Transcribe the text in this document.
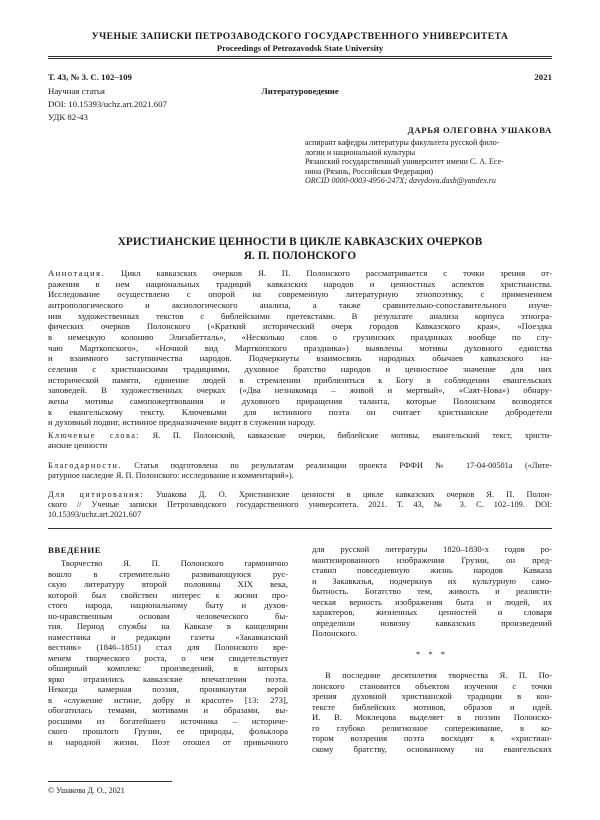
УЧЕНЫЕ ЗАПИСКИ ПЕТРОЗАВОДСКОГО ГОСУДАРСТВЕННОГО УНИВЕРСИТЕТА
Proceedings of Petrozavodsk State University
Т. 43, № 3. С. 102–109	2021
Научная статья	Литературоведение
DOI: 10.15393/uchz.art.2021.607
УДК 82-43
ДАРЬЯ ОЛЕГОВНА УШАКОВА
аспирант кафедры литературы факультета русской фило-
логии и национальной культуры
Рязанский государственный университет имени С. А. Есе-
нина (Рязань, Российская Федерация)
ORCID 0000-0003-4956-247X; davydova.dash@yandex.ru
ХРИСТИАНСКИЕ ЦЕННОСТИ В ЦИКЛЕ КАВКАЗСКИХ ОЧЕРКОВ
Я. П. ПОЛОНСКОГО
Аннотация. Цикл кавказских очерков Я. П. Полонского рассматривается с точки зрения от-
ражения в нем национальных традиций кавказских народов и ценностных аспектов христианства.
Исследование осуществлено с опорой на современную литературную этнопоэтику, с применением
антропологического и аксиологического анализа, а также сравнительно-сопоставительного изуче-
ния художественных текстов с библейскими претекстами. В результате анализа корпуса этногра-
фических очерков Полонского («Краткий исторический очерк городов Кавказского края», «Поездка
в немецкую колонию Элизабетталь», «Несколько слов о грузинских праздниках вообще по слу-
чаю Марткопского», «Ночной вид Марткопского праздника») выявлены мотивы духовного единства
и взаимного заступничества народов. Подчеркнуты взаимосвязь народных обычаев кавказского на-
селения с христианскими традициями, духовное братство народов и ценностное значение для них
исторической памяти, единение людей в стремлении приблизиться к Богу в соблюдении евангельских
заповедей. В художественных очерках («Два незнакомца – живой и мертвый», «Саят-Нова») обнару-
жены мотивы самопожертвования и духовного приращения таланта, которые Полонским возводятся
к евангельскому тексту. Ключевыми для истинного поэта он считает христианские добродетели
и духовный подвиг, истинное предназначение видит в служении народу.
Ключевые слова: Я. П. Полонский, кавказские очерки, библейские мотивы, евангельский текст, христи-
анские ценности
Благодарности. Статья подготовлена по результатам реализации проекта РФФИ № 17-04-00501а («Лите-
ратурное наследие Я. П. Полонского: исследование и комментарий»).
Для цитирования: Ушакова Д. О. Христианские ценности в цикле кавказских очерков Я. П. Полон-
ского // Ученые записки Петрозаводского государственного университета. 2021. Т. 43, № 3. С. 102–109. DOI:
10.15393/uchz.art.2021.607
ВВЕДЕНИЕ
Творчество Я. П. Полонского гармонично
вошло в стремительно развивающуюся рус-
скую литературу второй половины XIX века,
которой был свойствен интерес к жизни про-
стого народа, национальному быту и духов-
но-нравственным основам человеческого бы-
тия. Период службы на Кавказе в канцелярии
наместника и редакции газеты «Закавказский
вестник» (1846–1851) стал для Полонского вре-
менем творческого роста, о чем свидетельствует
обширный комплекс произведений, в которых
ярко отразились кавказские впечатления поэта.
Некогда камерная поэзия, проникнутая верой
в «служение истине, добру и красоте» [13: 273],
обогатилась темами, мотивами и образами, вы-
росшими из богатейшего источника – историче-
ского прошлого Грузии, ее природы, фольклора
и народной жизни. Поэт отошел от привычного
для русской литературы 1820–1830-х годов ро-
мантизированного изображения Грузии, он пред-
ставил повседневную жизнь народов Кавказа
и Закавказья, подчеркнув их культурную само-
бытность. Богатство тем, живость и реалисти-
ческая верность изображения быта и людей, их
характеров, жизненных ценностей и словаря
определили новизну кавказских произведений
Полонского.
* * *
В последние десятилетия творчества Я. П. По-
лонского становится объектом изучения с точки
зрения духовной христианской традиции в кон-
тексте библейских мотивов, образов и идей.
И. В. Моклецова выделяет в поэзии Полонско-
го глубоко религиозное сопереживание, в ко-
тором воззрения поэта восходят к «христиан-
скому братству, основанному на евангельских
© Ушакова Д. О., 2021
